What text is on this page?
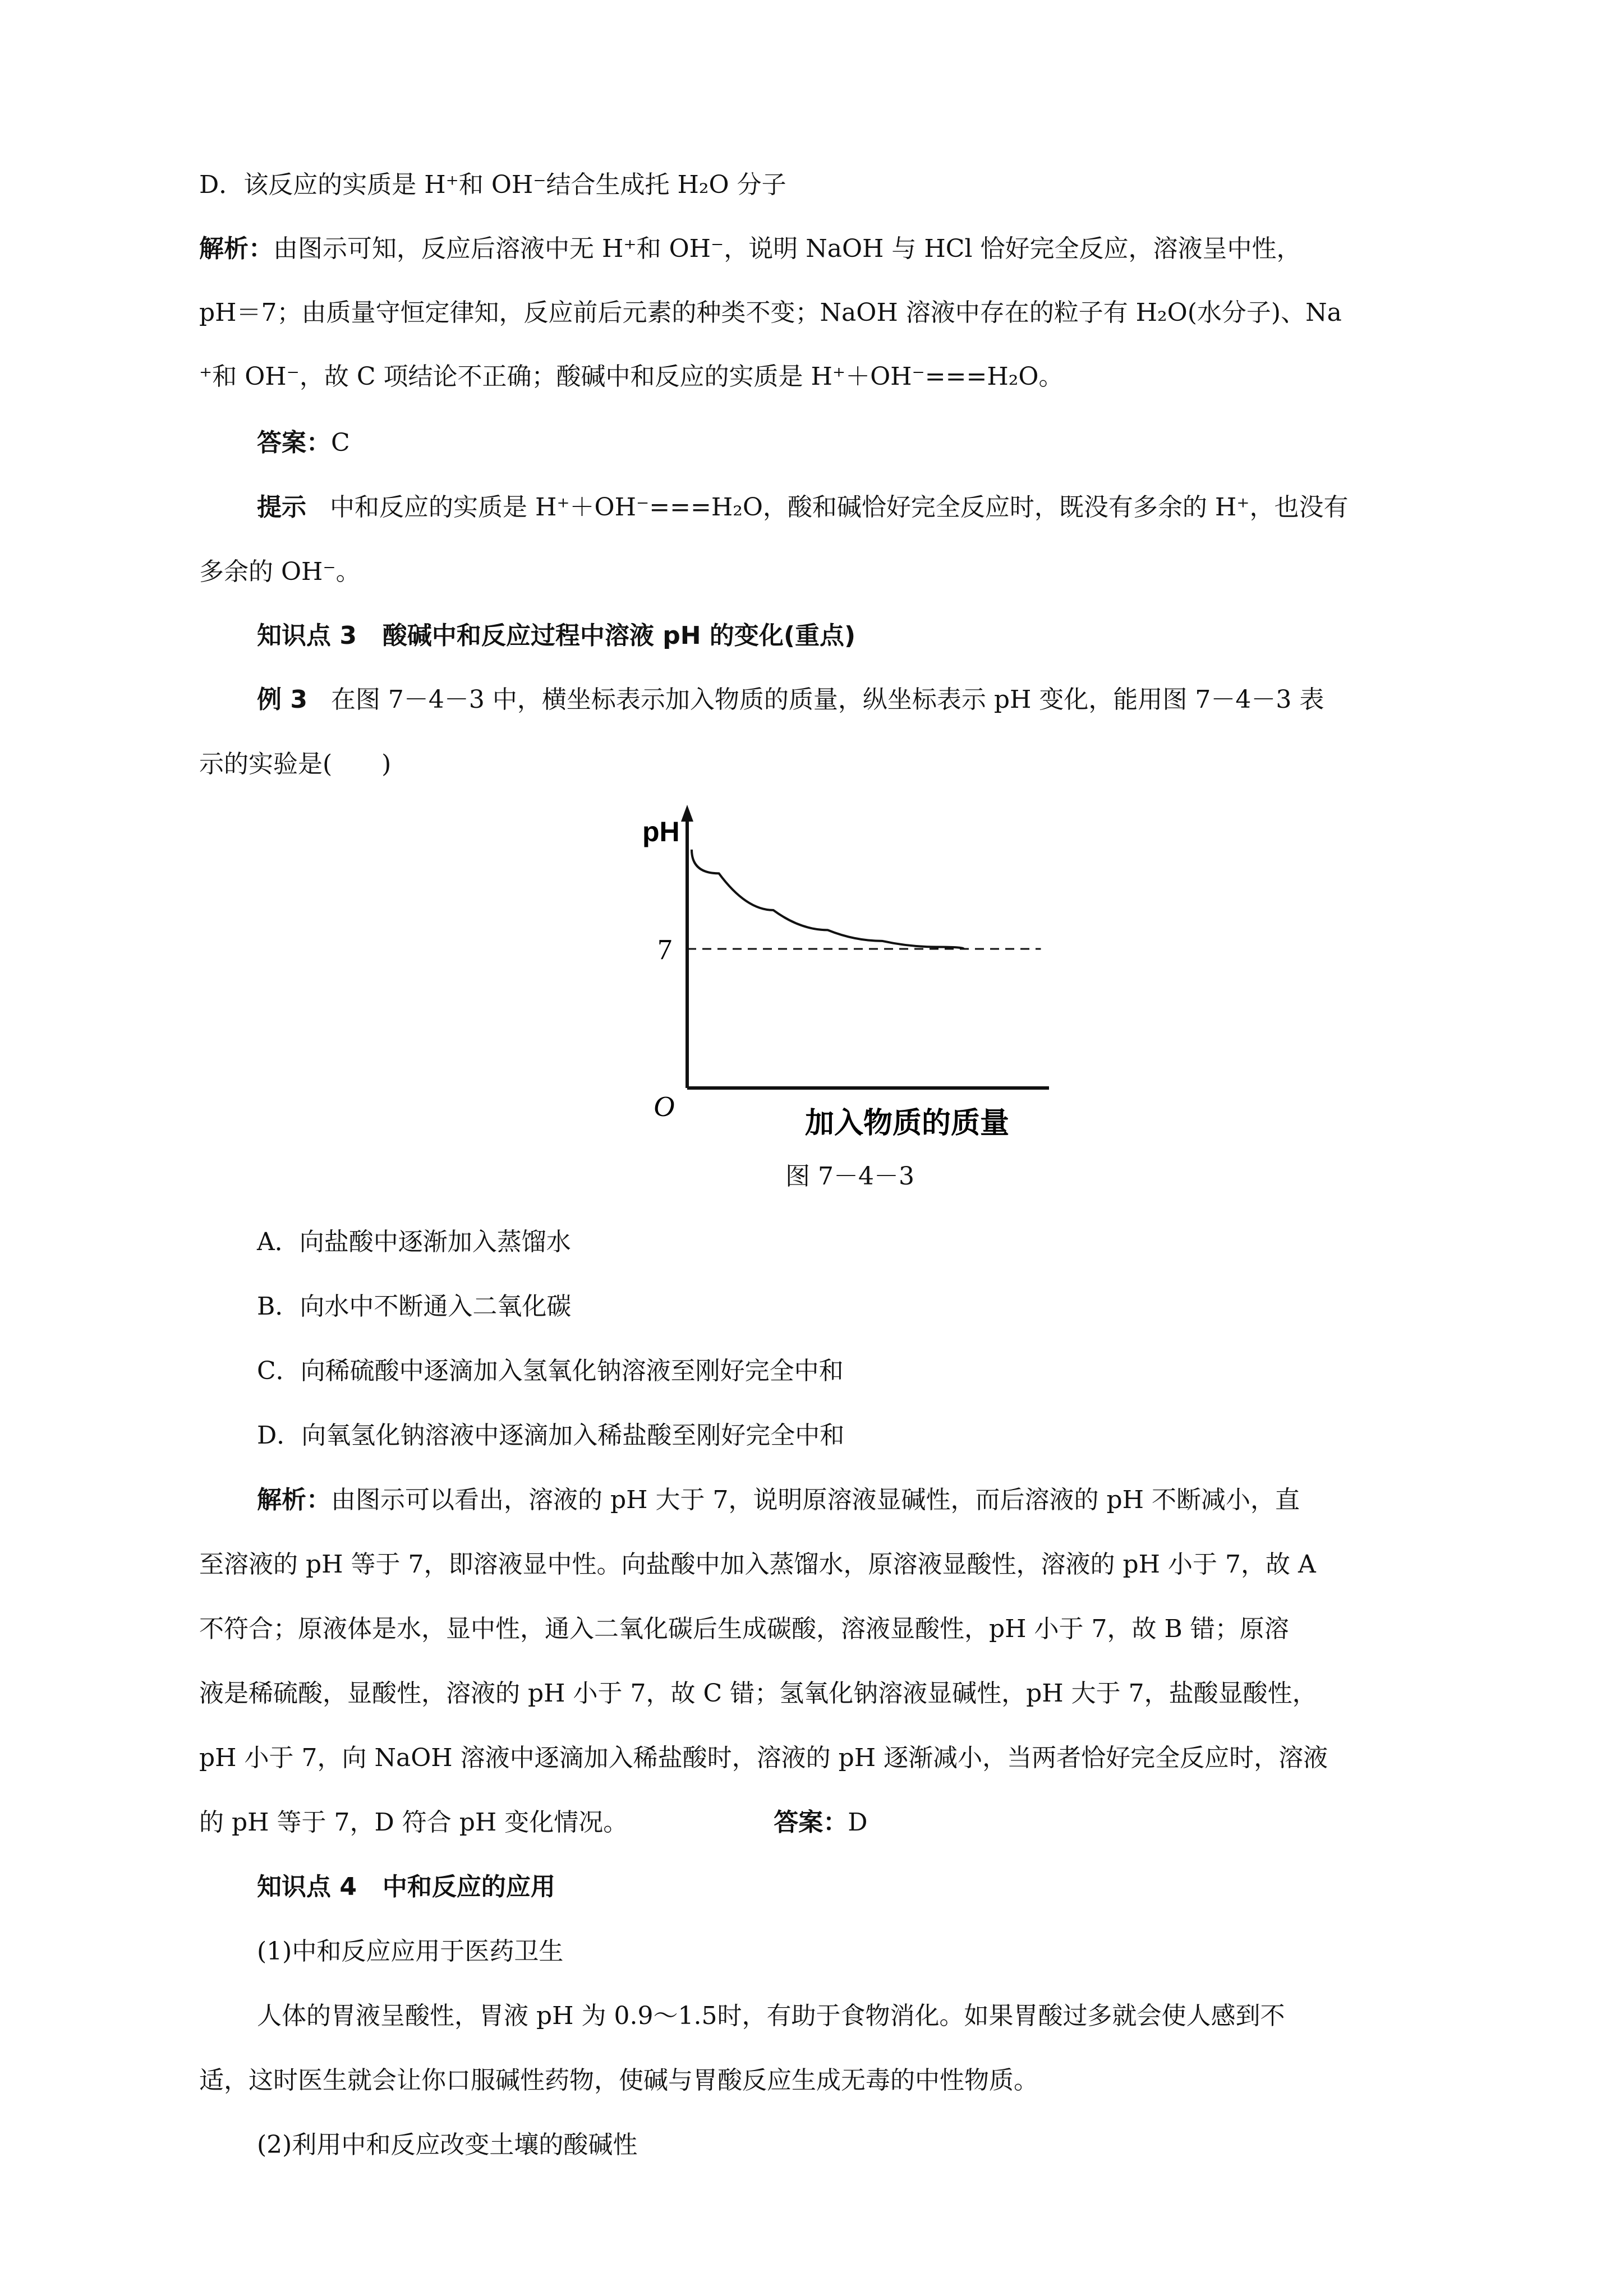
D．该反应的实质是 H⁺和 OH⁻结合生成托 H₂O 分子
解析：由图示可知，反应后溶液中无 H⁺和 OH⁻，说明 NaOH 与 HCl 恰好完全反应，溶液呈中性，
pH＝7；由质量守恒定律知，反应前后元素的种类不变；NaOH 溶液中存在的粒子有 H₂O(水分子)、Na
⁺和 OH⁻，故 C 项结论不正确；酸碱中和反应的实质是 H⁺＋OH⁻===H₂O。
答案：C
提示 中和反应的实质是 H⁺＋OH⁻===H₂O，酸和碱恰好完全反应时，既没有多余的 H⁺，也没有
多余的 OH⁻。
知识点 3 酸碱中和反应过程中溶液 pH 的变化(重点)
例 3 在图 7－4－3 中，横坐标表示加入物质的质量，纵坐标表示 pH 变化，能用图 7－4－3 表
示的实验是(　　)
pH
7
O
加入物质的质量
图 7－4－3
A．向盐酸中逐渐加入蒸馏水
B．向水中不断通入二氧化碳
C．向稀硫酸中逐滴加入氢氧化钠溶液至刚好完全中和
D．向氧氢化钠溶液中逐滴加入稀盐酸至刚好完全中和
解析：由图示可以看出，溶液的 pH 大于 7，说明原溶液显碱性，而后溶液的 pH 不断减小，直
至溶液的 pH 等于 7，即溶液显中性。向盐酸中加入蒸馏水，原溶液显酸性，溶液的 pH 小于 7，故 A
不符合；原液体是水，显中性，通入二氧化碳后生成碳酸，溶液显酸性，pH 小于 7，故 B 错；原溶
液是稀硫酸，显酸性，溶液的 pH 小于 7，故 C 错；氢氧化钠溶液显碱性，pH 大于 7，盐酸显酸性，
pH 小于 7，向 NaOH 溶液中逐滴加入稀盐酸时，溶液的 pH 逐渐减小，当两者恰好完全反应时，溶液
的 pH 等于 7，D 符合 pH 变化情况。	答案：D
知识点 4 中和反应的应用
(1)中和反应应用于医药卫生
人体的胃液呈酸性，胃液 pH 为 0.9～1.5时，有助于食物消化。如果胃酸过多就会使人感到不
适，这时医生就会让你口服碱性药物，使碱与胃酸反应生成无毒的中性物质。
(2)利用中和反应改变土壤的酸碱性
